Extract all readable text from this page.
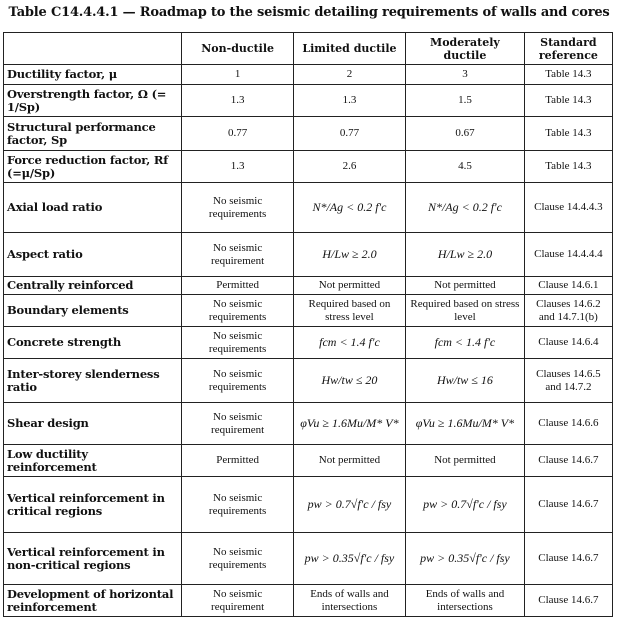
Table C14.4.4.1 — Roadmap to the seismic detailing requirements of walls and cores
	Non-ductile	Limited ductile	Moderately ductile	Standard reference
Ductility factor, μ	1	2	3	Table 14.3
Overstrength factor, Ω (= 1/Sp)	1.3	1.3	1.5	Table 14.3
Structural performance factor, Sp	0.77	0.77	0.67	Table 14.3
Force reduction factor, Rf (=μ/Sp)	1.3	2.6	4.5	Table 14.3
Axial load ratio	No seismic requirements	N*/Ag < 0.2 f'c	N*/Ag < 0.2 f'c	Clause 14.4.4.3
Aspect ratio	No seismic requirement	H/Lw ≥ 2.0	H/Lw ≥ 2.0	Clause 14.4.4.4
Centrally reinforced	Permitted	Not permitted	Not permitted	Clause 14.6.1
Boundary elements	No seismic requirements	Required based on stress level	Required based on stress level	Clauses 14.6.2 and 14.7.1(b)
Concrete strength	No seismic requirements	fcm < 1.4 f'c	fcm < 1.4 f'c	Clause 14.6.4
Inter-storey slenderness ratio	No seismic requirements	Hw/tw ≤ 20	Hw/tw ≤ 16	Clauses 14.6.5 and 14.7.2
Shear design	No seismic requirement	φVu ≥ 1.6Mu/M* V*	φVu ≥ 1.6Mu/M* V*	Clause 14.6.6
Low ductility reinforcement	Permitted	Not permitted	Not permitted	Clause 14.6.7
Vertical reinforcement in critical regions	No seismic requirements	pw > 0.7√f'c / fsy	pw > 0.7√f'c / fsy	Clause 14.6.7
Vertical reinforcement in non-critical regions	No seismic requirements	pw > 0.35√f'c / fsy	pw > 0.35√f'c / fsy	Clause 14.6.7
Development of horizontal reinforcement	No seismic requirement	Ends of walls and intersections	Ends of walls and intersections	Clause 14.6.7
